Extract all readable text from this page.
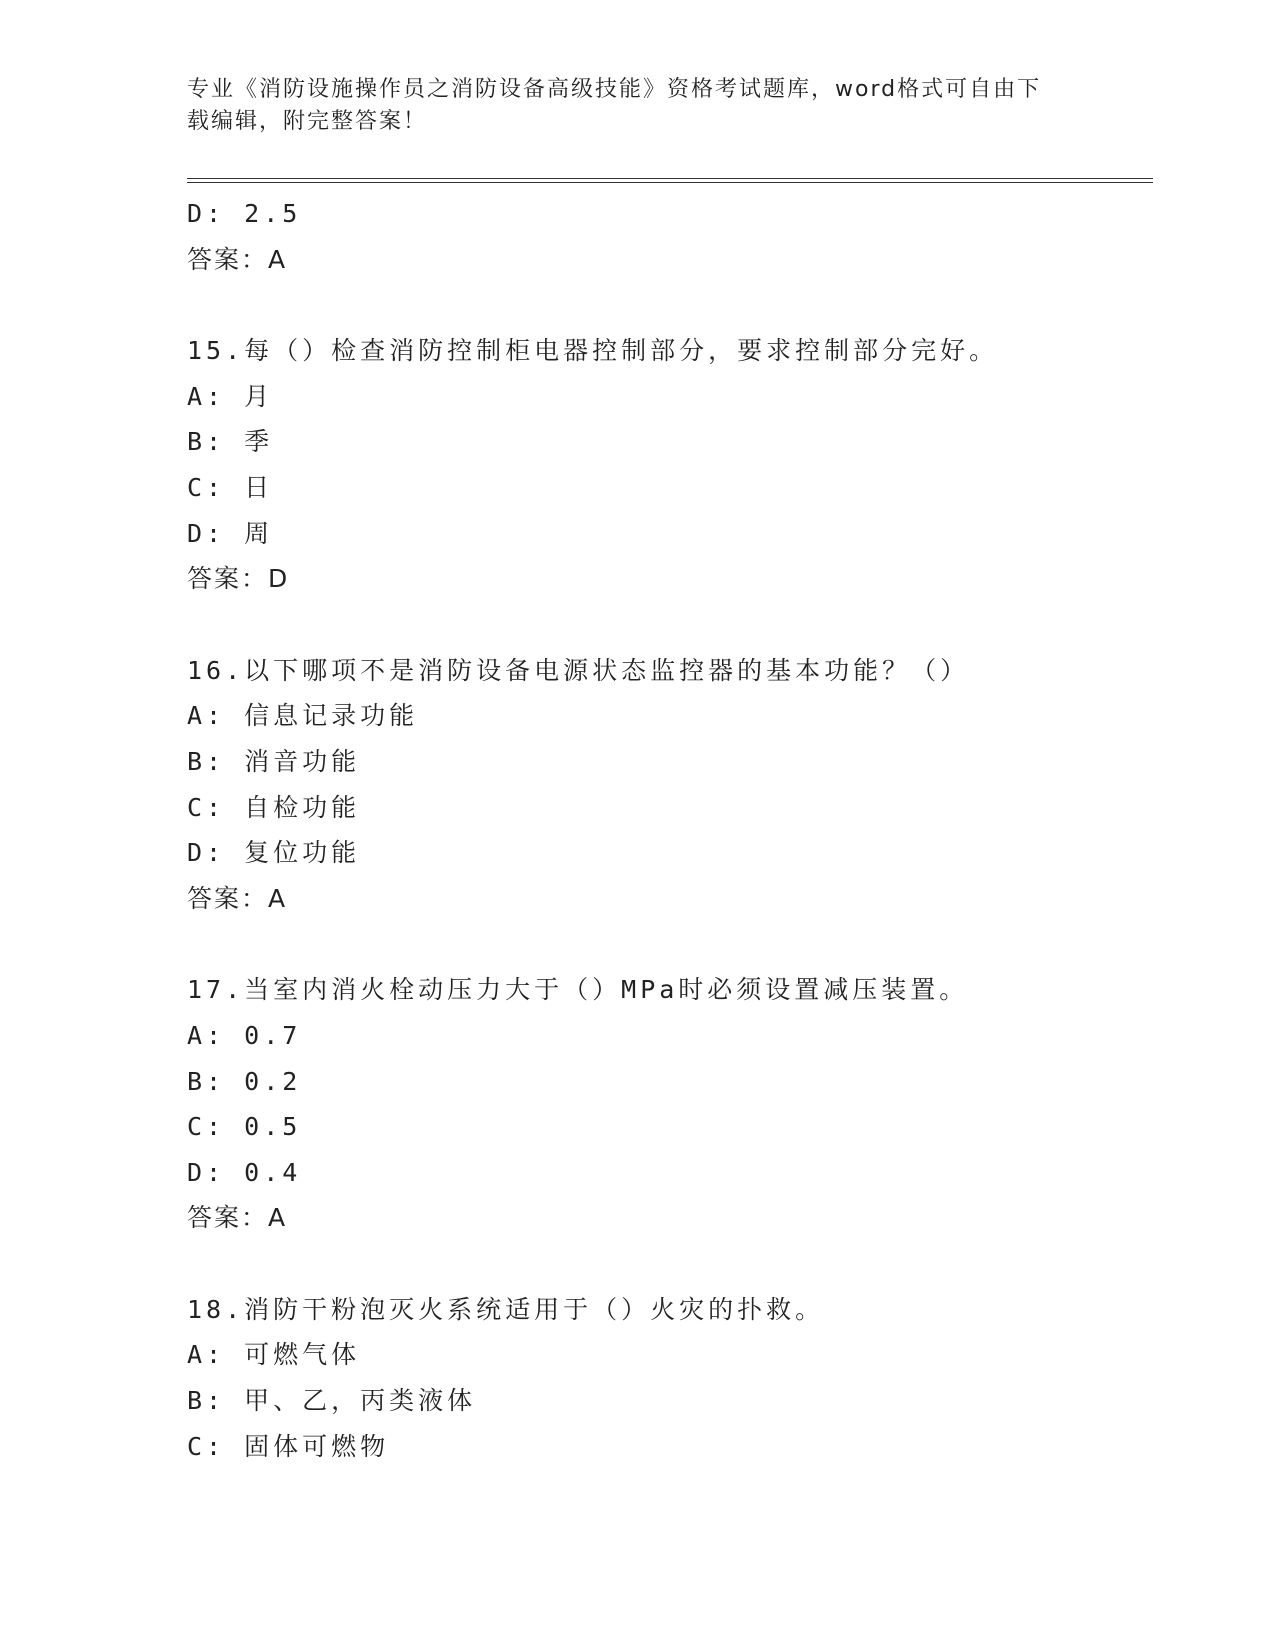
专业《消防设施操作员之消防设备高级技能》资格考试题库，word格式可自由下
载编辑，附完整答案！
D: 2.5
答案：A
15.每（）检查消防控制柜电器控制部分，要求控制部分完好。
A: 月
B: 季
C: 日
D: 周
答案：D
16.以下哪项不是消防设备电源状态监控器的基本功能？（）
A: 信息记录功能
B: 消音功能
C: 自检功能
D: 复位功能
答案：A
17.当室内消火栓动压力大于（）MPa时必须设置减压装置。
A: 0.7
B: 0.2
C: 0.5
D: 0.4
答案：A
18.消防干粉泡灭火系统适用于（）火灾的扑救。
A: 可燃气体
B: 甲、乙，丙类液体
C: 固体可燃物
